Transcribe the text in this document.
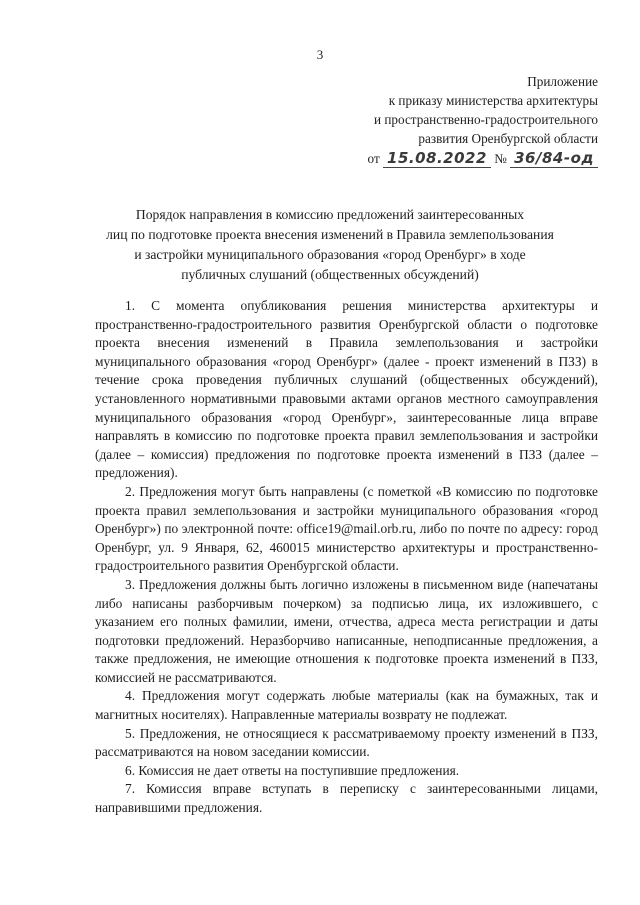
3
Приложение
к приказу министерства архитектуры
и пространственно-градостроительного
развития Оренбургской области
от 15.08.2022 № 36/84-од
Порядок направления в комиссию предложений заинтересованных
лиц по подготовке проекта внесения изменений в Правила землепользования
и застройки муниципального образования «город Оренбург» в ходе
публичных слушаний (общественных обсуждений)

1. С момента опубликования решения министерства архитектуры и пространственно-градостроительного развития Оренбургской области о подготовке проекта внесения изменений в Правила землепользования и застройки муниципального образования «город Оренбург» (далее - проект изменений в ПЗЗ) в течение срока проведения публичных слушаний (общественных обсуждений), установленного нормативными правовыми актами органов местного самоуправления муниципального образования «город Оренбург», заинтересованные лица вправе направлять в комиссию по подготовке проекта правил землепользования и застройки (далее – комиссия) предложения по подготовке проекта изменений в ПЗЗ (далее – предложения).

2. Предложения могут быть направлены (с пометкой «В комиссию по подготовке проекта правил землепользования и застройки муниципального образования «город Оренбург») по электронной почте: office19@mail.orb.ru, либо по почте по адресу: город Оренбург, ул. 9 Января, 62, 460015 министерство архитектуры и пространственно-градостроительного развития Оренбургской области.

3. Предложения должны быть логично изложены в письменном виде (напечатаны либо написаны разборчивым почерком) за подписью лица, их изложившего, с указанием его полных фамилии, имени, отчества, адреса места регистрации и даты подготовки предложений. Неразборчиво написанные, неподписанные предложения, а также предложения, не имеющие отношения к подготовке проекта изменений в ПЗЗ, комиссией не рассматриваются.

4. Предложения могут содержать любые материалы (как на бумажных, так и магнитных носителях). Направленные материалы возврату не подлежат.

5. Предложения, не относящиеся к рассматриваемому проекту изменений в ПЗЗ, рассматриваются на новом заседании комиссии.

6. Комиссия не дает ответы на поступившие предложения.

7. Комиссия вправе вступать в переписку с заинтересованными лицами, направившими предложения.
